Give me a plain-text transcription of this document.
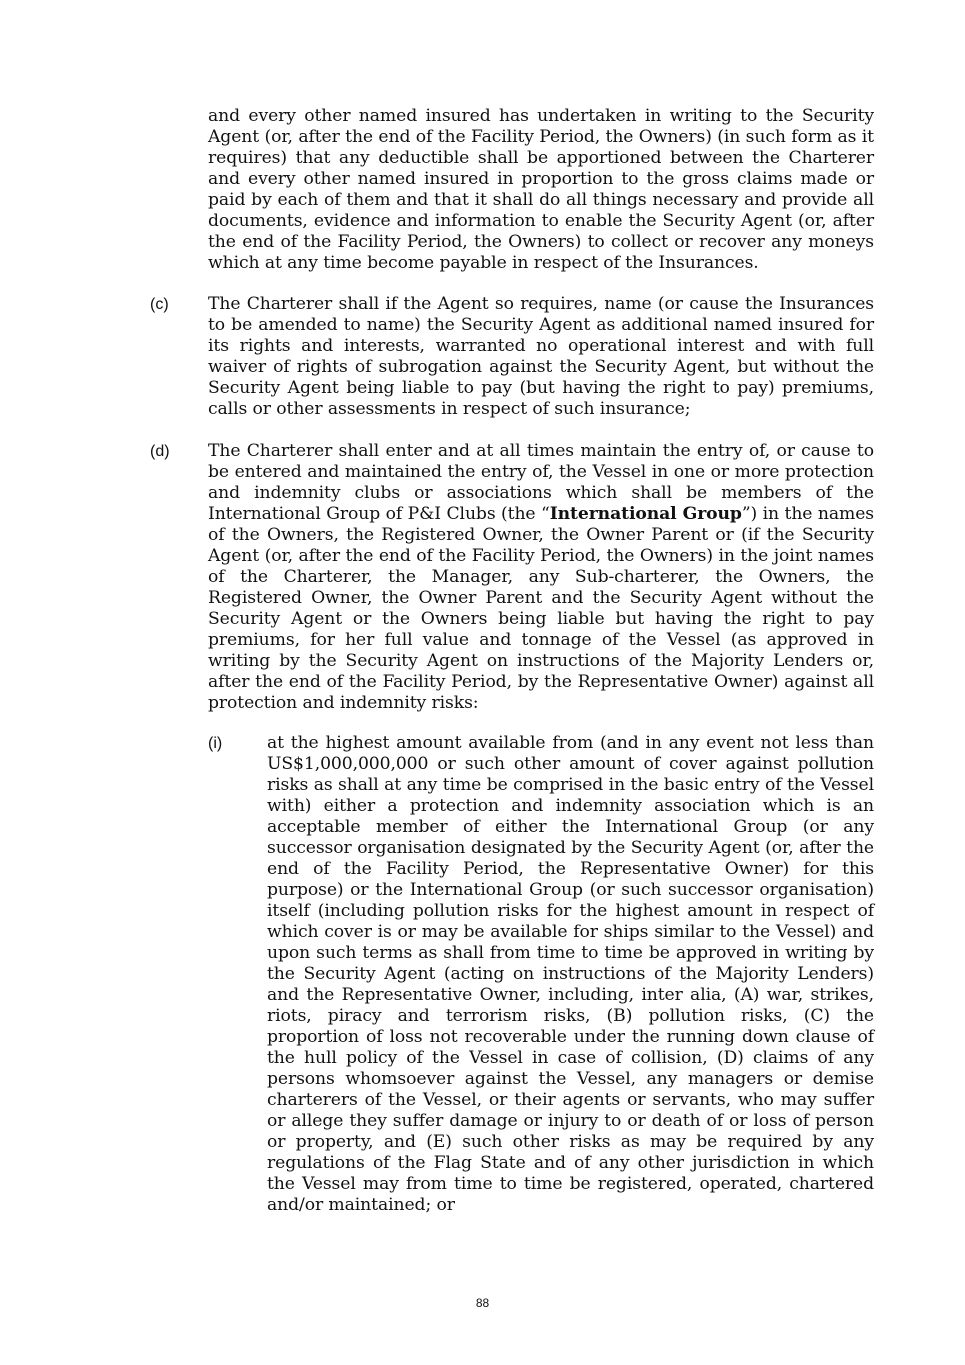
and every other named insured has undertaken in writing to the Security Agent (or, after the end of the Facility Period, the Owners) (in such form as it requires) that any deductible shall be apportioned between the Charterer and every other named insured in proportion to the gross claims made or paid by each of them and that it shall do all things necessary and provide all documents, evidence and information to enable the Security Agent (or, after the end of the Facility Period, the Owners) to collect or recover any moneys which at any time become payable in respect of the Insurances.

(c) The Charterer shall if the Agent so requires, name (or cause the Insurances to be amended to name) the Security Agent as additional named insured for its rights and interests, warranted no operational interest and with full waiver of rights of subrogation against the Security Agent, but without the Security Agent being liable to pay (but having the right to pay) premiums, calls or other assessments in respect of such insurance;

(d) The Charterer shall enter and at all times maintain the entry of, or cause to be entered and maintained the entry of, the Vessel in one or more protection and indemnity clubs or associations which shall be members of the International Group of P&I Clubs (the “International Group”) in the names of the Owners, the Registered Owner, the Owner Parent or (if the Security Agent (or, after the end of the Facility Period, the Owners) in the joint names of the Charterer, the Manager, any Sub-charterer, the Owners, the Registered Owner, the Owner Parent and the Security Agent without the Security Agent or the Owners being liable but having the right to pay premiums, for her full value and tonnage of the Vessel (as approved in writing by the Security Agent on instructions of the Majority Lenders or, after the end of the Facility Period, by the Representative Owner) against all protection and indemnity risks:

(i)	at the highest amount available from (and in any event not less than US$1,000,000,000 or such other amount of cover against pollution risks as shall at any time be comprised in the basic entry of the Vessel with) either a protection and indemnity association which is an acceptable member of either the International Group (or any successor organisation designated by the Security Agent (or, after the end of the Facility Period, the Representative Owner) for this purpose) or the International Group (or such successor organisation) itself (including pollution risks for the highest amount in respect of which cover is or may be available for ships similar to the Vessel) and upon such terms as shall from time to time be approved in writing by the Security Agent (acting on instructions of the Majority Lenders) and the Representative Owner, including, inter alia, (A) war, strikes, riots, piracy and terrorism risks, (B) pollution risks, (C) the proportion of loss not recoverable under the running down clause of the hull policy of the Vessel in case of collision, (D) claims of any persons whomsoever against the Vessel, any managers or demise charterers of the Vessel, or their agents or servants, who may suffer or allege they suffer damage or injury to or death of or loss of person or property, and (E) such other risks as may be required by any regulations of the Flag State and of any other jurisdiction in which the Vessel may from time to time be registered, operated, chartered and/or maintained; or

88
